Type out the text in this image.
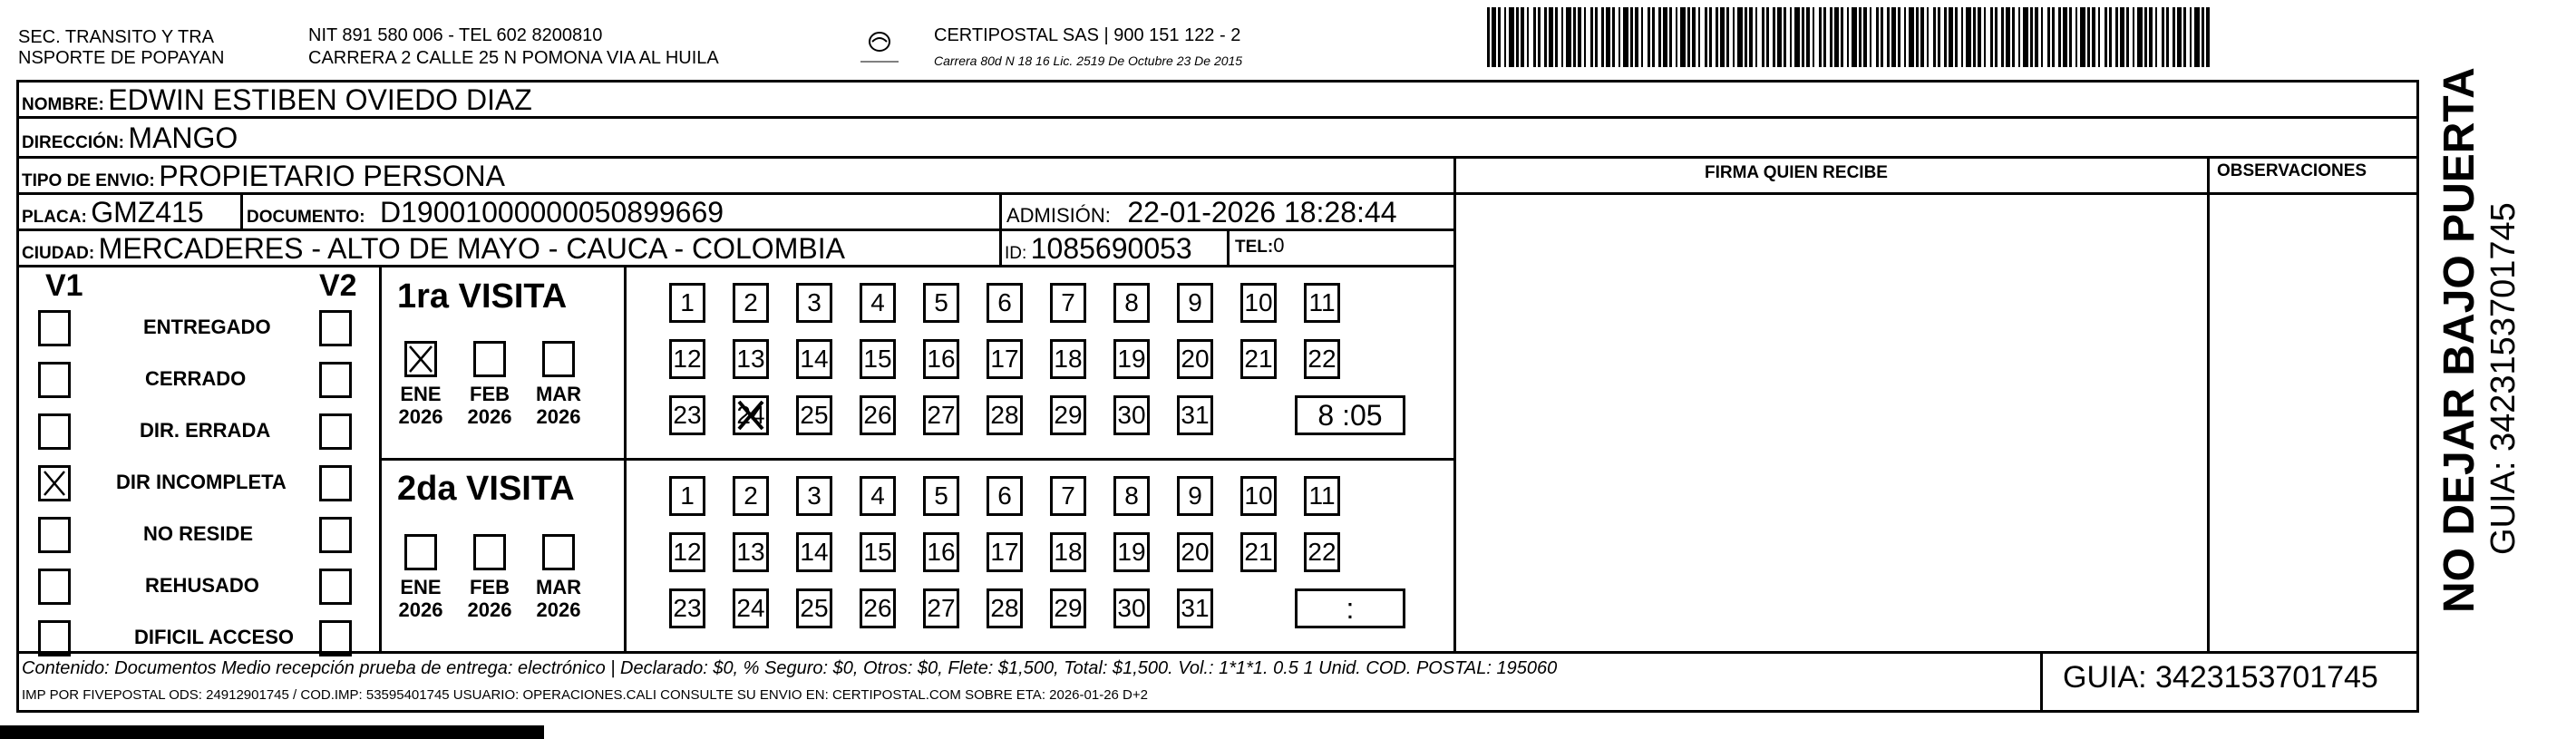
SEC. TRANSITO Y TRA
NSPORTE DE POPAYAN
NIT 891 580 006 - TEL 602 8200810
CARRERA 2 CALLE 25 N POMONA VIA AL HUILA
CERTIPOSTAL SAS | 900 151 122 - 2
Carrera 80d N 18 16 Lic. 2519 De Octubre 23 De 2015
NOMBRE: EDWIN ESTIBEN OVIEDO DIAZ
DIRECCIÓN: MANGO
TIPO DE ENVIO: PROPIETARIO PERSONA	FIRMA QUIEN RECIBE	OBSERVACIONES
PLACA: GMZ415 DOCUMENTO: D19001000000050899669	ADMISIÓN: 22-01-2026 18:28:44
CIUDAD: MERCADERES - ALTO DE MAYO - CAUCA - COLOMBIA	ID: 1085690053 TEL:0
V1	V2
ENTREGADO
CERRADO
DIR. ERRADA
DIR INCOMPLETA
NO RESIDE
REHUSADO
DIFICIL ACCESO
1ra VISITA
2da VISITA
ENE
2026
FEB
2026
MAR
2026
1	2	3	4	5	6	7	8	9	10 11
12 13 14 15 16 17 18 19 20 21 22
23 24 25 26 27 28 29 30 31	8 :05
ENE
2026
FEB
2026
MAR
2026
1	2	3	4	5	6	7	8	9	10 11
12 13 14 15 16 17 18 19 20 21 22
23 24 25 26 27 28 29 30 31	:
Contenido: Documentos Medio recepción prueba de entrega: electrónico | Declarado: $0, % Seguro: $0, Otros: $0, Flete: $1,500, Total: $1,500. Vol.: 1*1*1. 0.5 1 Unid. COD. POSTAL: 195060
IMP POR FIVEPOSTAL ODS: 24912901745 / COD.IMP: 53595401745 USUARIO: OPERACIONES.CALI CONSULTE SU ENVIO EN: CERTIPOSTAL.COM SOBRE ETA: 2026-01-26 D+2
GUIA: 3423153701745
NO DEJAR BAJO PUERTA GUIA: 3423153701745
